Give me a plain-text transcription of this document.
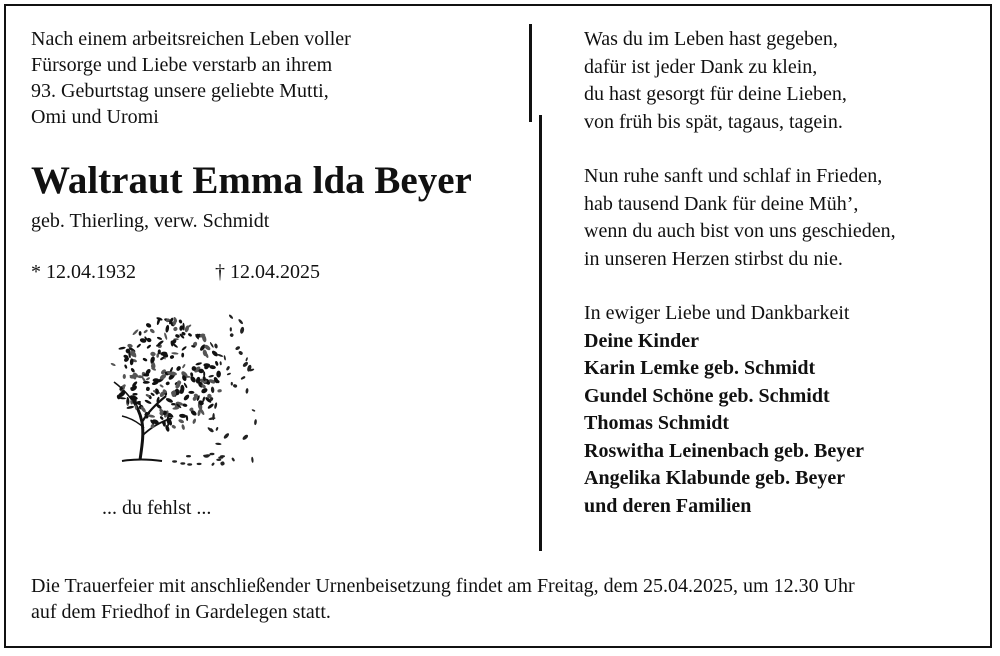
Nach einem arbeitsreichen Leben voller
Fürsorge und Liebe verstarb an ihrem
93. Geburtstag unsere geliebte Mutti,
Omi und Uromi
Waltraut Emma lda Beyer
geb. Thierling, verw. Schmidt
* 12.04.1932	† 12.04.2025
... du fehlst ...
Was du im Leben hast gegeben,
dafür ist jeder Dank zu klein,
du hast gesorgt für deine Lieben,
von früh bis spät, tagaus, tagein.
Nun ruhe sanft und schlaf in Frieden,
hab tausend Dank für deine Müh’,
wenn du auch bist von uns geschieden,
in unseren Herzen stirbst du nie.
In ewiger Liebe und Dankbarkeit
Deine Kinder
Karin Lemke geb. Schmidt
Gundel Schöne geb. Schmidt
Thomas Schmidt
Roswitha Leinenbach geb. Beyer
Angelika Klabunde geb. Beyer
und deren Familien
Die Trauerfeier mit anschließender Urnenbeisetzung findet am Freitag, dem 25.04.2025, um 12.30 Uhr
auf dem Friedhof in Gardelegen statt.
